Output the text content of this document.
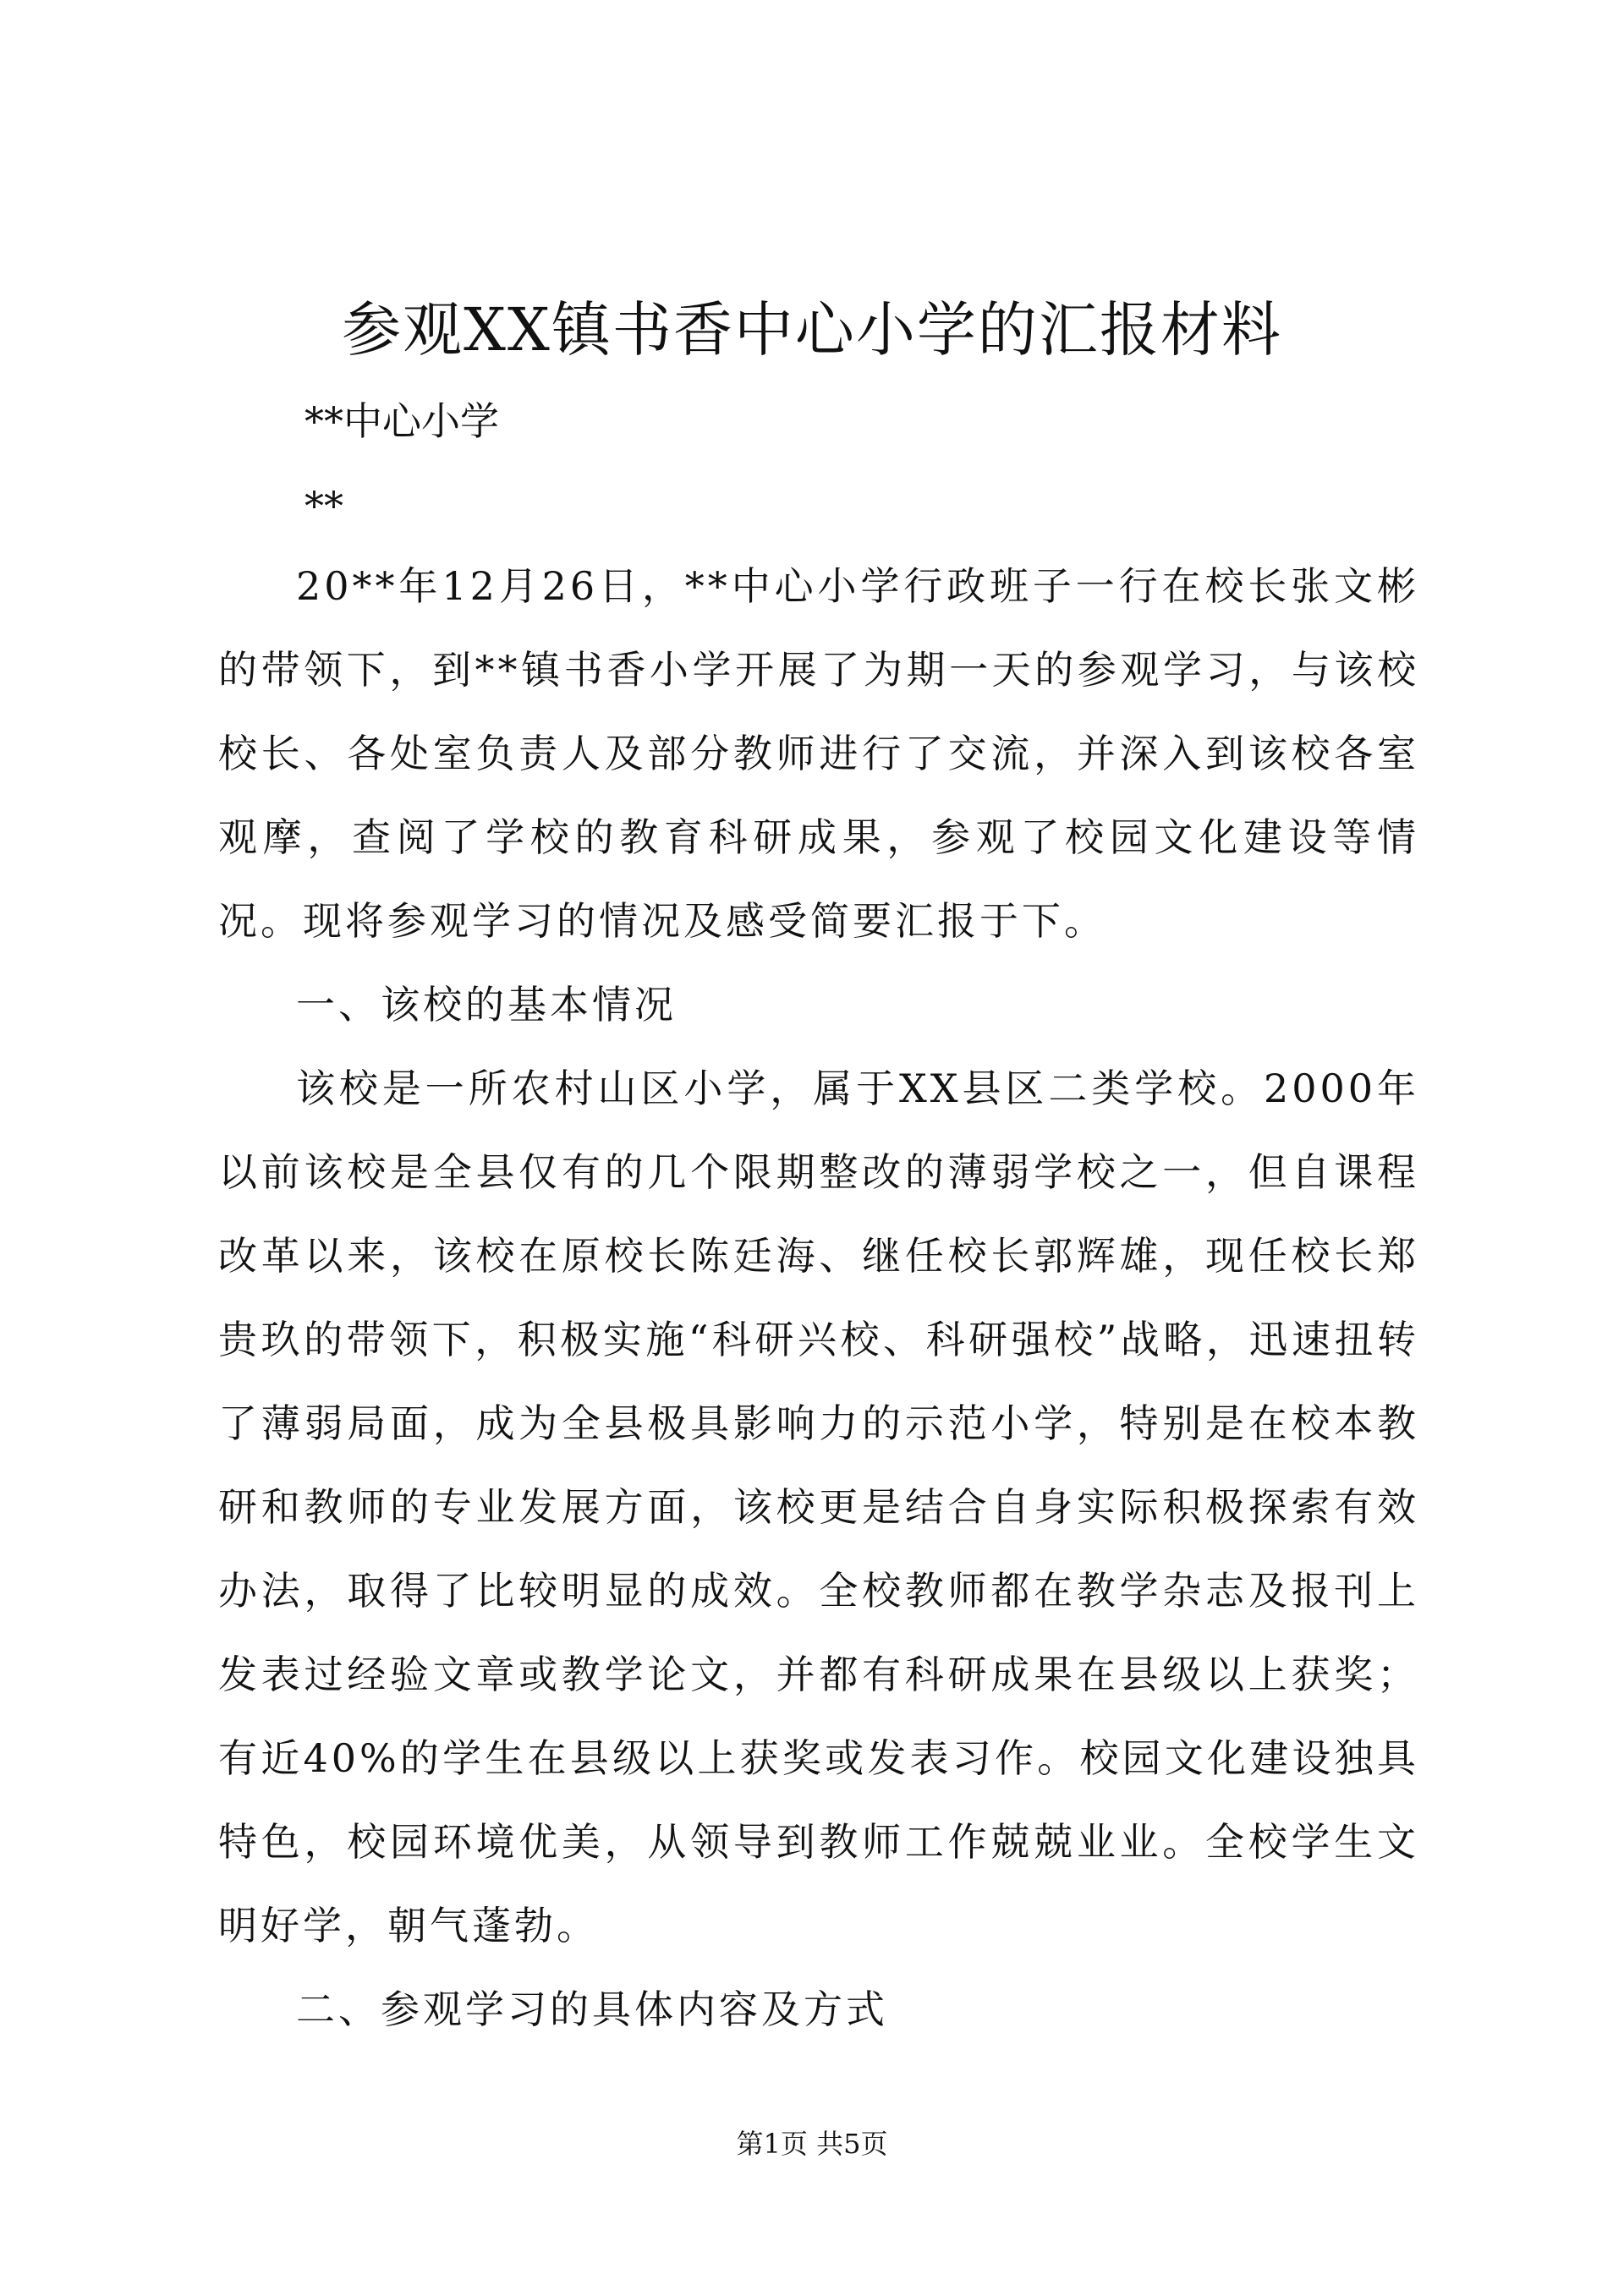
参观XX镇书香中心小学的汇报材料

**中心小学

**

20**年12月26日，**中心小学行政班子一行在校长张文彬的带领下，到**镇书香小学开展了为期一天的参观学习，与该校校长、各处室负责人及部分教师进行了交流，并深入到该校各室观摩，查阅了学校的教育科研成果，参观了校园文化建设等情况。现将参观学习的情况及感受简要汇报于下。

一、该校的基本情况

该校是一所农村山区小学，属于XX县区二类学校。2000年以前该校是全县仅有的几个限期整改的薄弱学校之一，但自课程改革以来，该校在原校长陈廷海、继任校长郭辉雄，现任校长郑贵玖的带领下，积极实施“科研兴校、科研强校”战略，迅速扭转了薄弱局面，成为全县极具影响力的示范小学，特别是在校本教研和教师的专业发展方面，该校更是结合自身实际积极探索有效办法，取得了比较明显的成效。全校教师都在教学杂志及报刊上发表过经验文章或教学论文，并都有科研成果在县级以上获奖；有近40%的学生在县级以上获奖或发表习作。校园文化建设独具特色，校园环境优美，从领导到教师工作兢兢业业。全校学生文明好学，朝气蓬勃。

二、参观学习的具体内容及方式

第1页 共5页
